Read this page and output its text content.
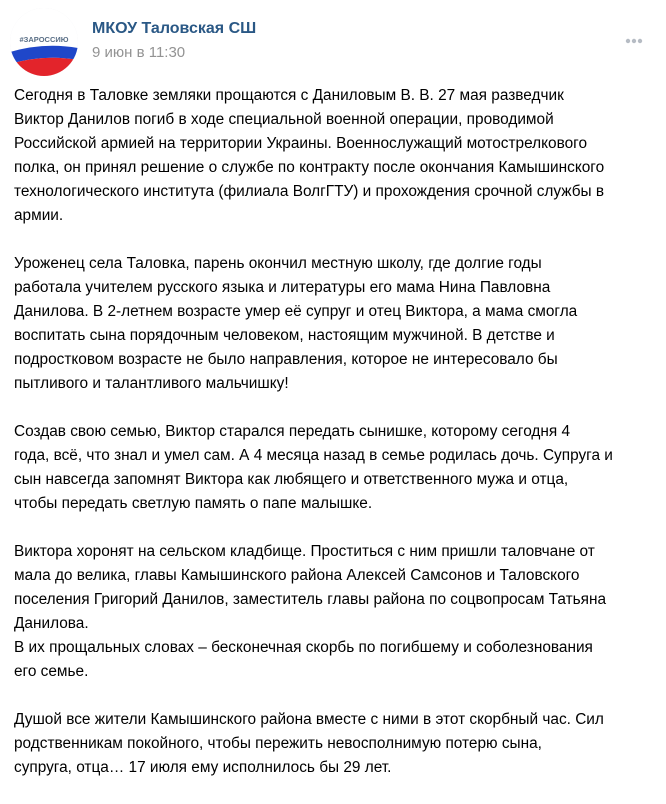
#ЗАРОССИЮ
МКОУ Таловская СШ
9 июн в 11:30

Сегодня в Таловке земляки прощаются с Даниловым В. В. 27 мая разведчик
Виктор Данилов погиб в ходе специальной военной операции, проводимой
Российской армией на территории Украины. Военнослужащий мотострелкового
полка, он принял решение о службе по контракту после окончания Камышинского
технологического института (филиала ВолгГТУ) и прохождения срочной службы в
армии.

Уроженец села Таловка, парень окончил местную школу, где долгие годы
работала учителем русского языка и литературы его мама Нина Павловна
Данилова. В 2-летнем возрасте умер её супруг и отец Виктора, а мама смогла
воспитать сына порядочным человеком, настоящим мужчиной. В детстве и
подростковом возрасте не было направления, которое не интересовало бы
пытливого и талантливого мальчишку!

Создав свою семью, Виктор старался передать сынишке, которому сегодня 4
года, всё, что знал и умел сам. А 4 месяца назад в семье родилась дочь. Супруга и
сын навсегда запомнят Виктора как любящего и ответственного мужа и отца,
чтобы передать светлую память о папе малышке.

Виктора хоронят на сельском кладбище. Проститься с ним пришли таловчане от
мала до велика, главы Камышинского района Алексей Самсонов и Таловского
поселения Григорий Данилов, заместитель главы района по соцвопросам Татьяна
Данилова.
В их прощальных словах – бесконечная скорбь по погибшему и соболезнования
его семье.

Душой все жители Камышинского района вместе с ними в этот скорбный час. Сил
родственникам покойного, чтобы пережить невосполнимую потерю сына,
супруга, отца… 17 июля ему исполнилось бы 29 лет.
